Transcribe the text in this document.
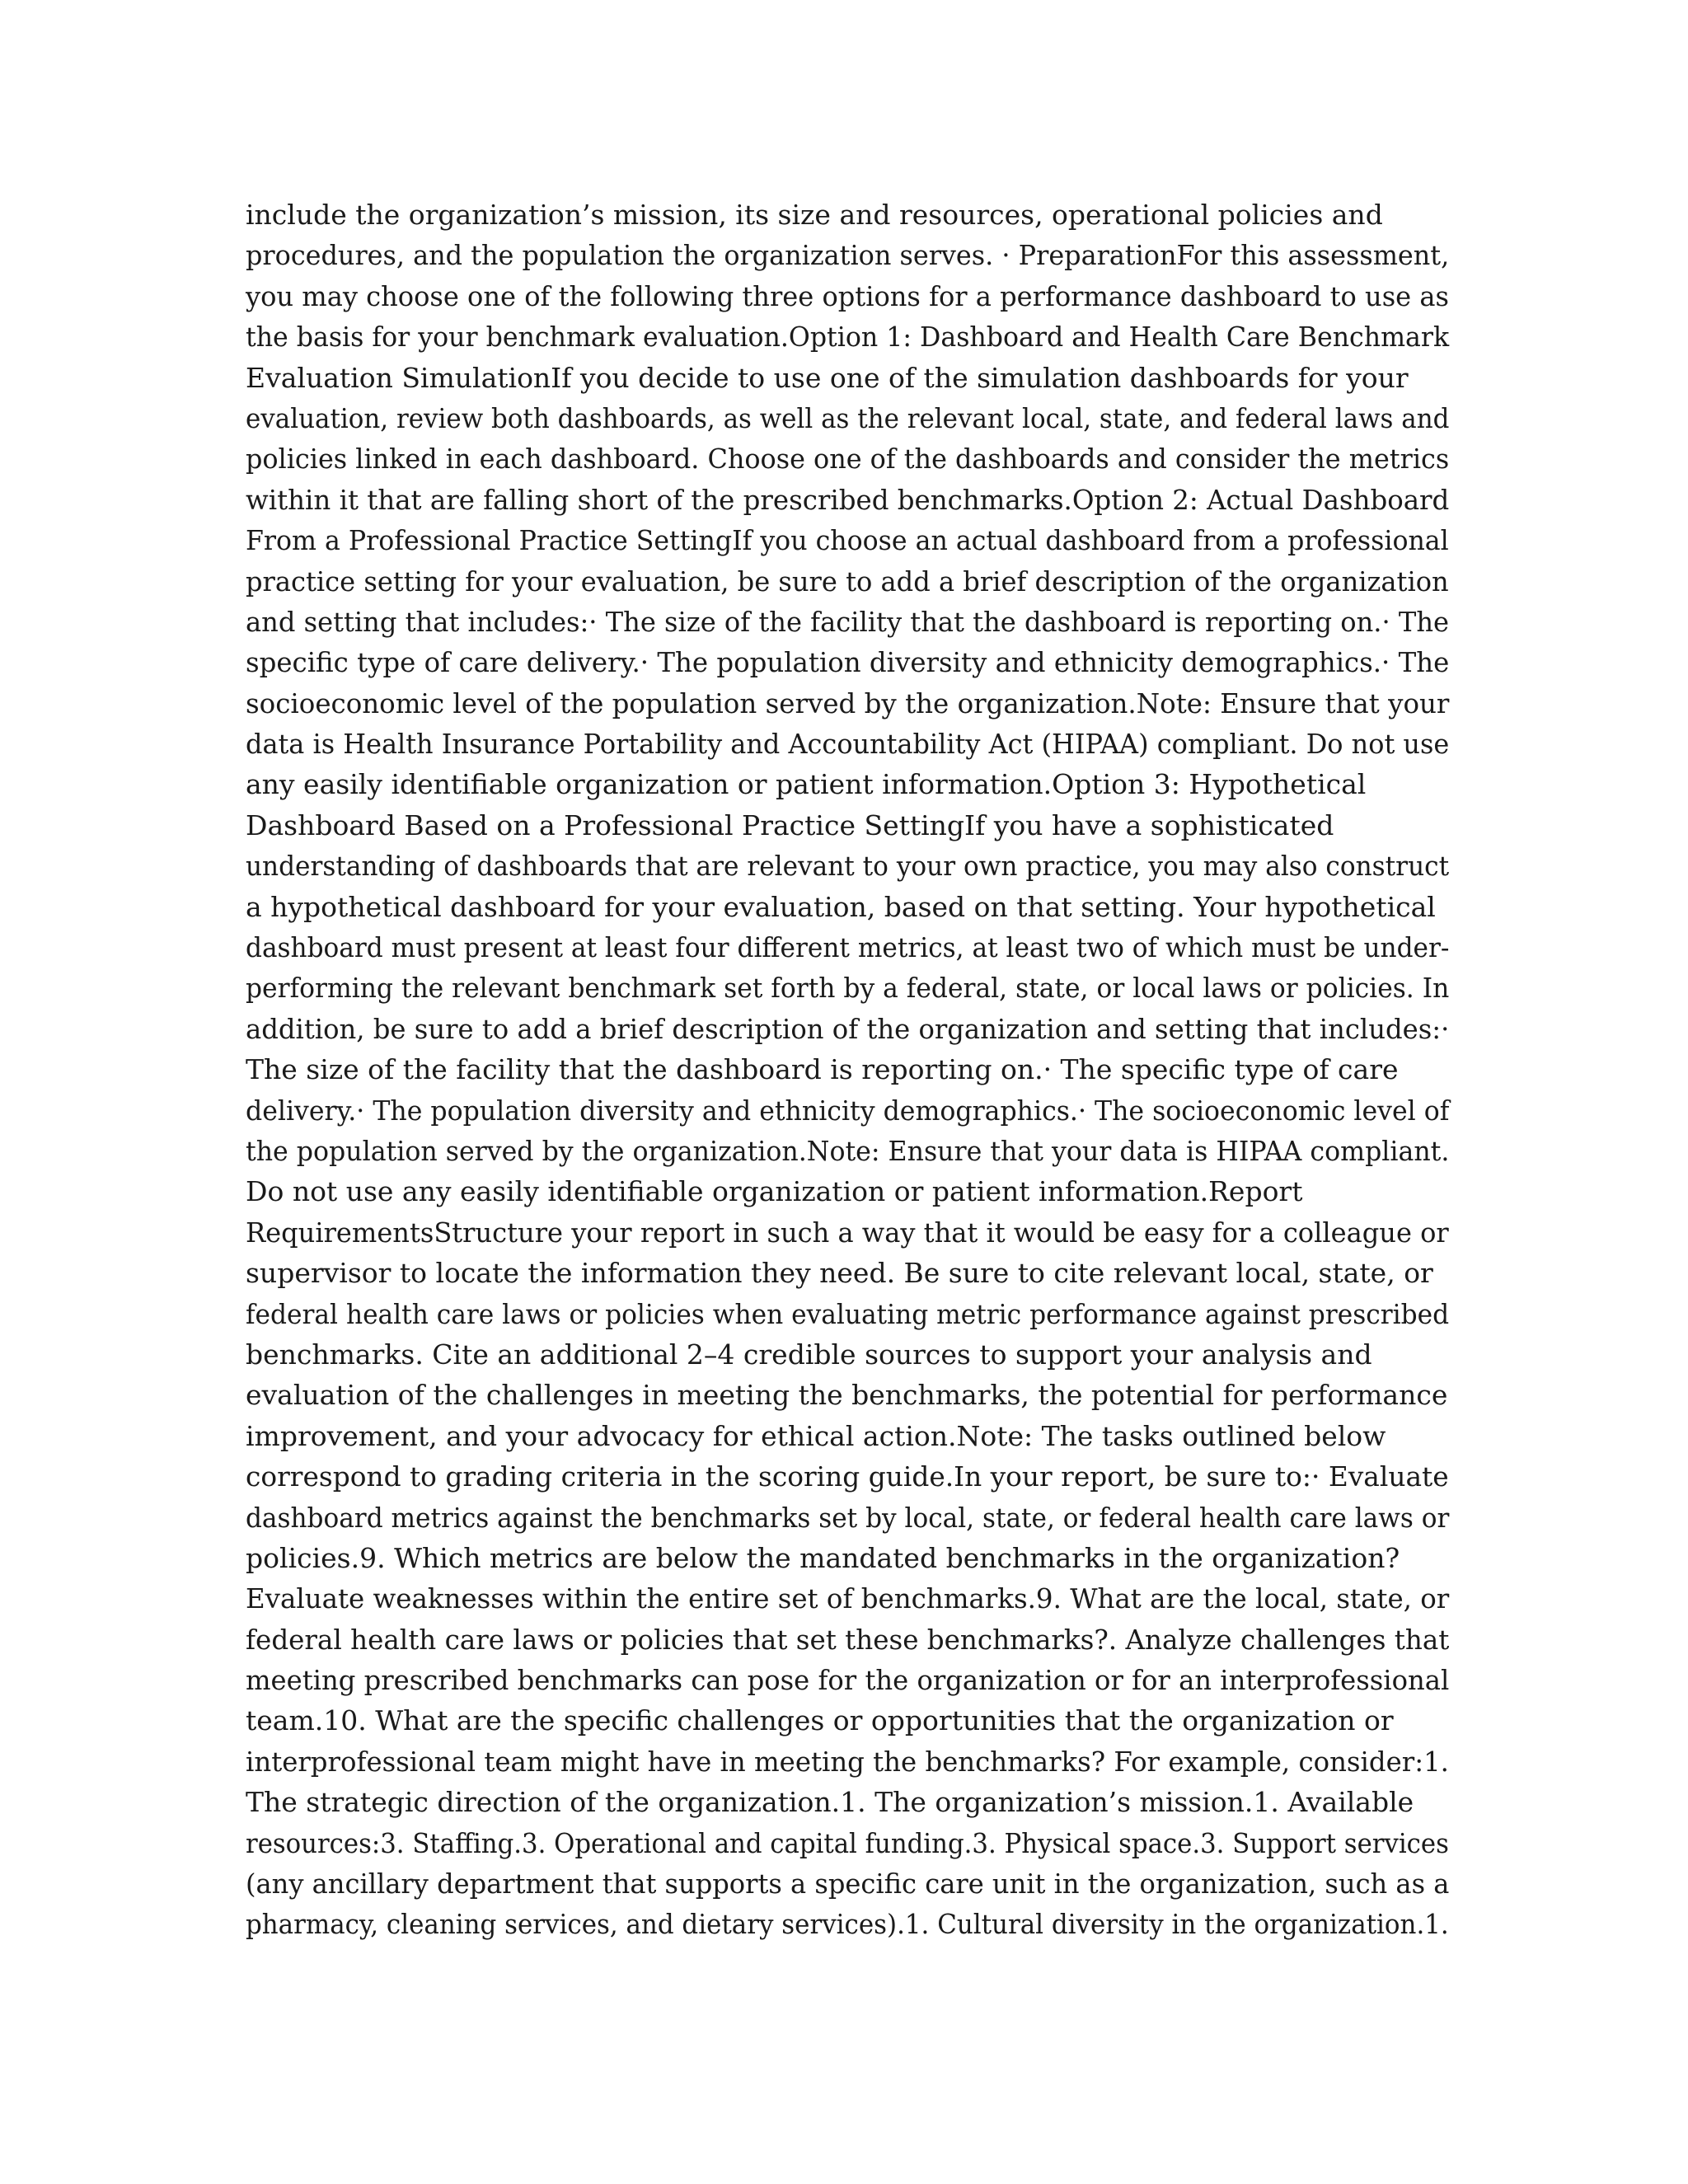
include the organization’s mission, its size and resources, operational policies and
procedures, and the population the organization serves. · PreparationFor this assessment,
you may choose one of the following three options for a performance dashboard to use as
the basis for your benchmark evaluation.Option 1: Dashboard and Health Care Benchmark
Evaluation SimulationIf you decide to use one of the simulation dashboards for your
evaluation, review both dashboards, as well as the relevant local, state, and federal laws and
policies linked in each dashboard. Choose one of the dashboards and consider the metrics
within it that are falling short of the prescribed benchmarks.Option 2: Actual Dashboard
From a Professional Practice SettingIf you choose an actual dashboard from a professional
practice setting for your evaluation, be sure to add a brief description of the organization
and setting that includes:· The size of the facility that the dashboard is reporting on.· The
specific type of care delivery.· The population diversity and ethnicity demographics.· The
socioeconomic level of the population served by the organization.Note: Ensure that your
data is Health Insurance Portability and Accountability Act (HIPAA) compliant. Do not use
any easily identifiable organization or patient information.Option 3: Hypothetical
Dashboard Based on a Professional Practice SettingIf you have a sophisticated
understanding of dashboards that are relevant to your own practice, you may also construct
a hypothetical dashboard for your evaluation, based on that setting. Your hypothetical
dashboard must present at least four different metrics, at least two of which must be under-
performing the relevant benchmark set forth by a federal, state, or local laws or policies. In
addition, be sure to add a brief description of the organization and setting that includes:·
The size of the facility that the dashboard is reporting on.· The specific type of care
delivery.· The population diversity and ethnicity demographics.· The socioeconomic level of
the population served by the organization.Note: Ensure that your data is HIPAA compliant.
Do not use any easily identifiable organization or patient information.Report
RequirementsStructure your report in such a way that it would be easy for a colleague or
supervisor to locate the information they need. Be sure to cite relevant local, state, or
federal health care laws or policies when evaluating metric performance against prescribed
benchmarks. Cite an additional 2–4 credible sources to support your analysis and
evaluation of the challenges in meeting the benchmarks, the potential for performance
improvement, and your advocacy for ethical action.Note: The tasks outlined below
correspond to grading criteria in the scoring guide.In your report, be sure to:· Evaluate
dashboard metrics against the benchmarks set by local, state, or federal health care laws or
policies.9. Which metrics are below the mandated benchmarks in the organization?
Evaluate weaknesses within the entire set of benchmarks.9. What are the local, state, or
federal health care laws or policies that set these benchmarks?. Analyze challenges that
meeting prescribed benchmarks can pose for the organization or for an interprofessional
team.10. What are the specific challenges or opportunities that the organization or
interprofessional team might have in meeting the benchmarks? For example, consider:1.
The strategic direction of the organization.1. The organization’s mission.1. Available
resources:3. Staffing.3. Operational and capital funding.3. Physical space.3. Support services
(any ancillary department that supports a specific care unit in the organization, such as a
pharmacy, cleaning services, and dietary services).1. Cultural diversity in the organization.1.
